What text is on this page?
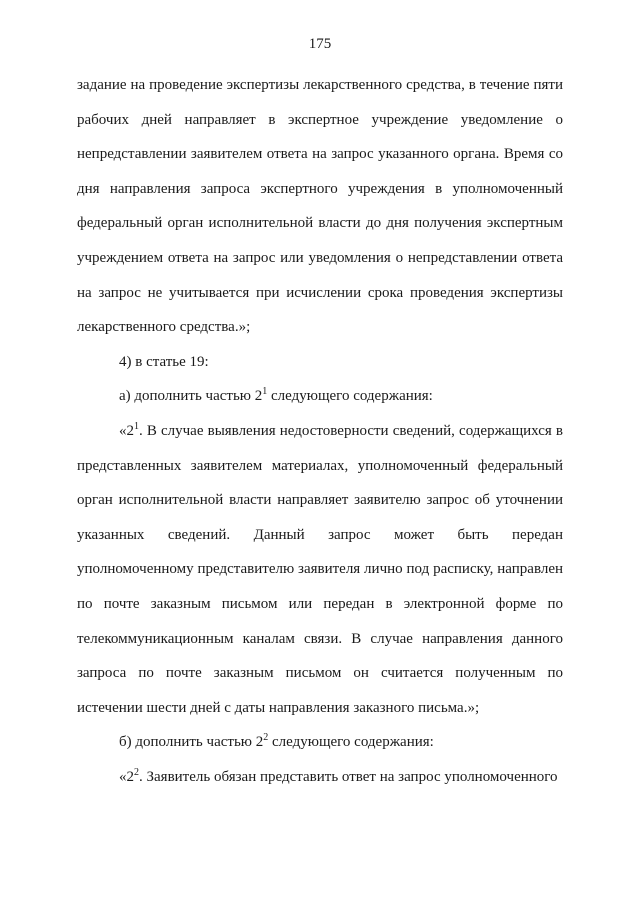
175

задание на проведение экспертизы лекарственного средства, в течение пяти рабочих дней направляет в экспертное учреждение уведомление о непредставлении заявителем ответа на запрос указанного органа. Время со дня направления запроса экспертного учреждения в уполномоченный федеральный орган исполнительной власти до дня получения экспертным учреждением ответа на запрос или уведомления о непредставлении ответа на запрос не учитывается при исчислении срока проведения экспертизы лекарственного средства.»;

4) в статье 19:

а) дополнить частью $2^1$ следующего содержания:

«$2^1$. В случае выявления недостоверности сведений, содержащихся в представленных заявителем материалах, уполномоченный федеральный орган исполнительной власти направляет заявителю запрос об уточнении указанных сведений. Данный запрос может быть передан уполномоченному представителю заявителя лично под расписку, направлен по почте заказным письмом или передан в электронной форме по телекоммуникационным каналам связи. В случае направления данного запроса по почте заказным письмом он считается полученным по истечении шести дней с даты направления заказного письма.»;

б) дополнить частью $2^2$ следующего содержания:

«$2^2$. Заявитель обязан представить ответ на запрос уполномоченного
